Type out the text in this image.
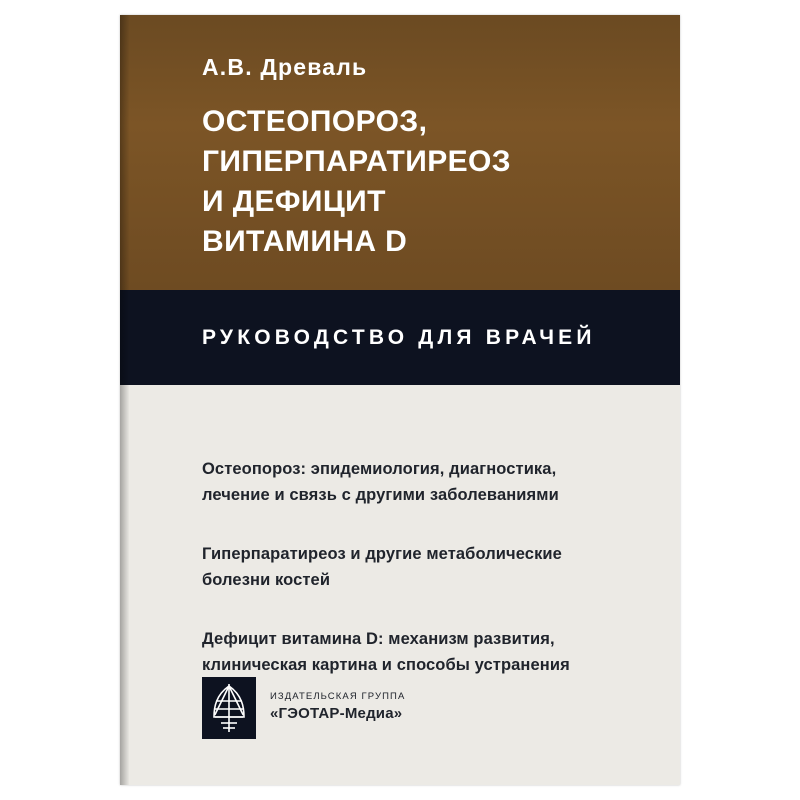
А.В. Древаль
ОСТЕОПОРОЗ,
ГИПЕРПАРАТИРЕОЗ
И ДЕФИЦИТ
ВИТАМИНА D
РУКОВОДСТВО ДЛЯ ВРАЧЕЙ
Остеопороз: эпидемиология, диагностика,
лечение и связь с другими заболеваниями
Гиперпаратиреоз и другие метаболические
болезни костей
Дефицит витамина D: механизм развития,
клиническая картина и способы устранения
ИЗДАТЕЛЬСКАЯ ГРУППА
«ГЭОТАР-Медиа»
